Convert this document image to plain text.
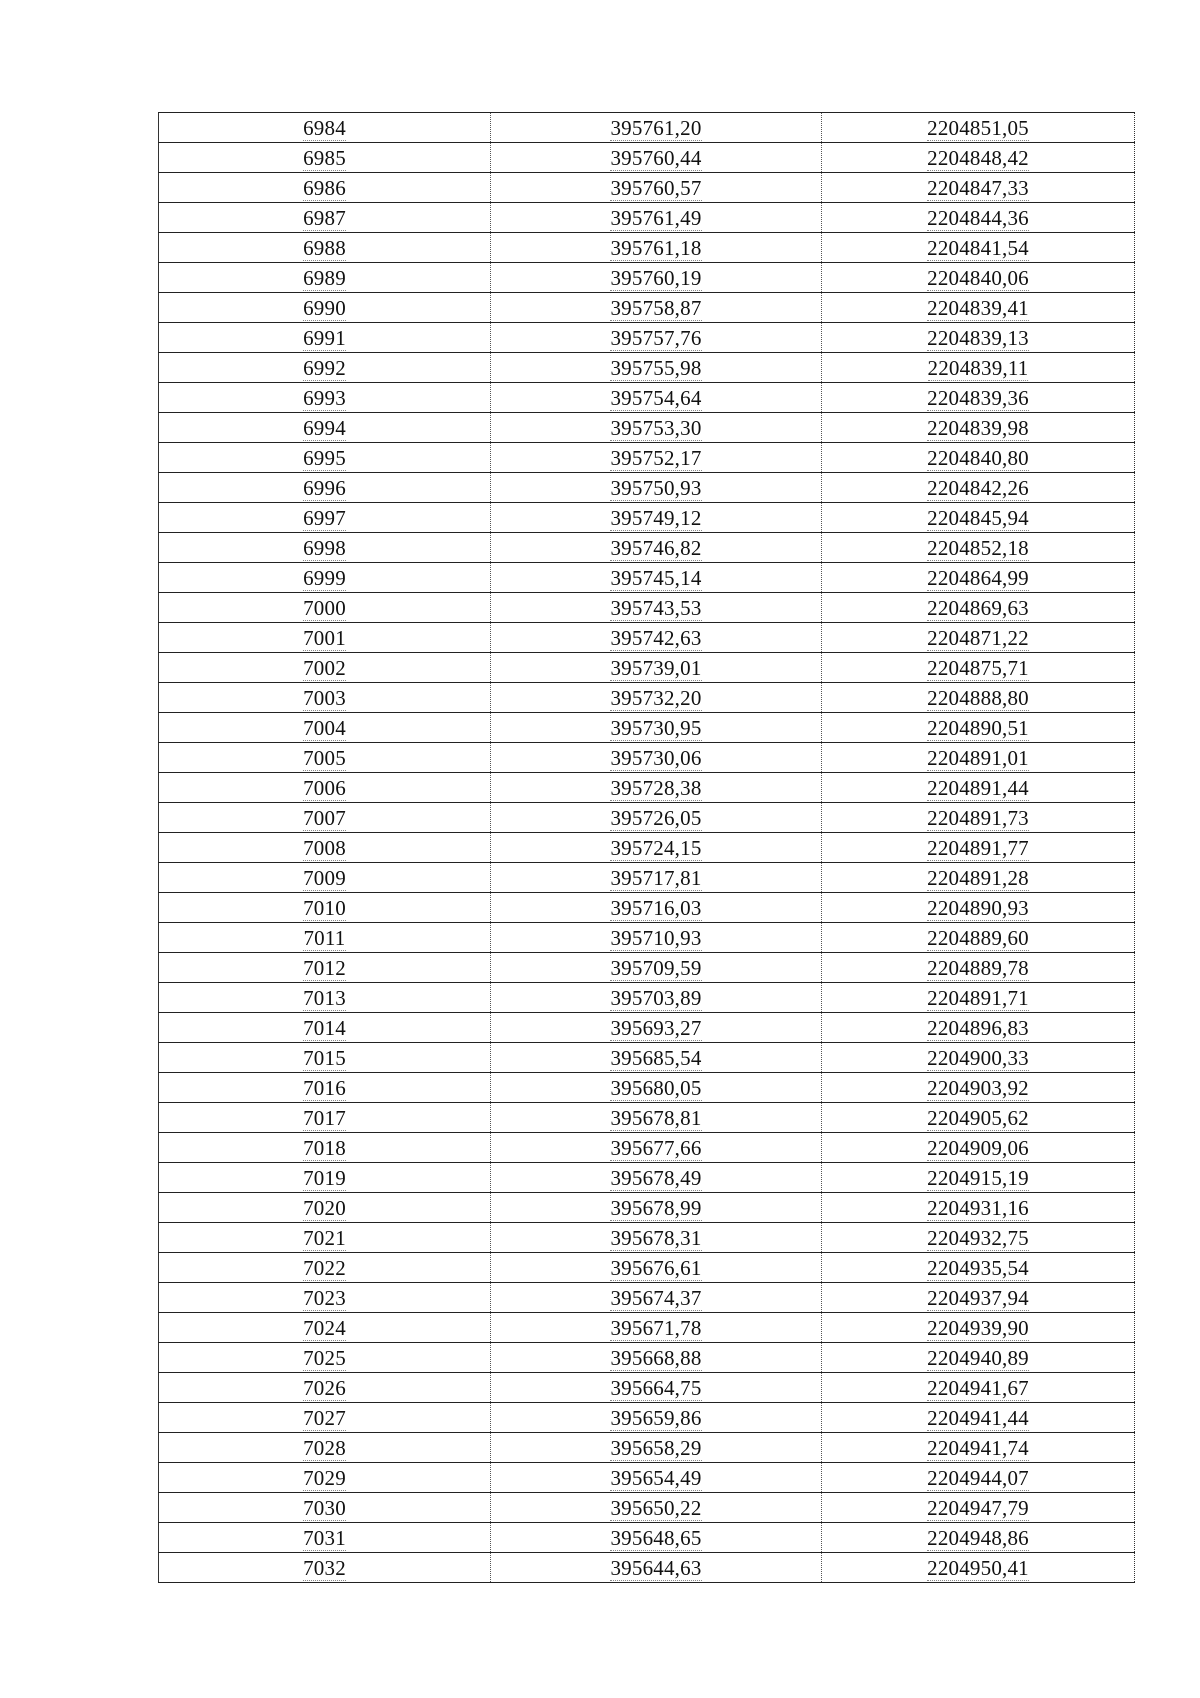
6984	395761,20	2204851,05
6985	395760,44	2204848,42
6986	395760,57	2204847,33
6987	395761,49	2204844,36
6988	395761,18	2204841,54
6989	395760,19	2204840,06
6990	395758,87	2204839,41
6991	395757,76	2204839,13
6992	395755,98	2204839,11
6993	395754,64	2204839,36
6994	395753,30	2204839,98
6995	395752,17	2204840,80
6996	395750,93	2204842,26
6997	395749,12	2204845,94
6998	395746,82	2204852,18
6999	395745,14	2204864,99
7000	395743,53	2204869,63
7001	395742,63	2204871,22
7002	395739,01	2204875,71
7003	395732,20	2204888,80
7004	395730,95	2204890,51
7005	395730,06	2204891,01
7006	395728,38	2204891,44
7007	395726,05	2204891,73
7008	395724,15	2204891,77
7009	395717,81	2204891,28
7010	395716,03	2204890,93
7011	395710,93	2204889,60
7012	395709,59	2204889,78
7013	395703,89	2204891,71
7014	395693,27	2204896,83
7015	395685,54	2204900,33
7016	395680,05	2204903,92
7017	395678,81	2204905,62
7018	395677,66	2204909,06
7019	395678,49	2204915,19
7020	395678,99	2204931,16
7021	395678,31	2204932,75
7022	395676,61	2204935,54
7023	395674,37	2204937,94
7024	395671,78	2204939,90
7025	395668,88	2204940,89
7026	395664,75	2204941,67
7027	395659,86	2204941,44
7028	395658,29	2204941,74
7029	395654,49	2204944,07
7030	395650,22	2204947,79
7031	395648,65	2204948,86
7032	395644,63	2204950,41
